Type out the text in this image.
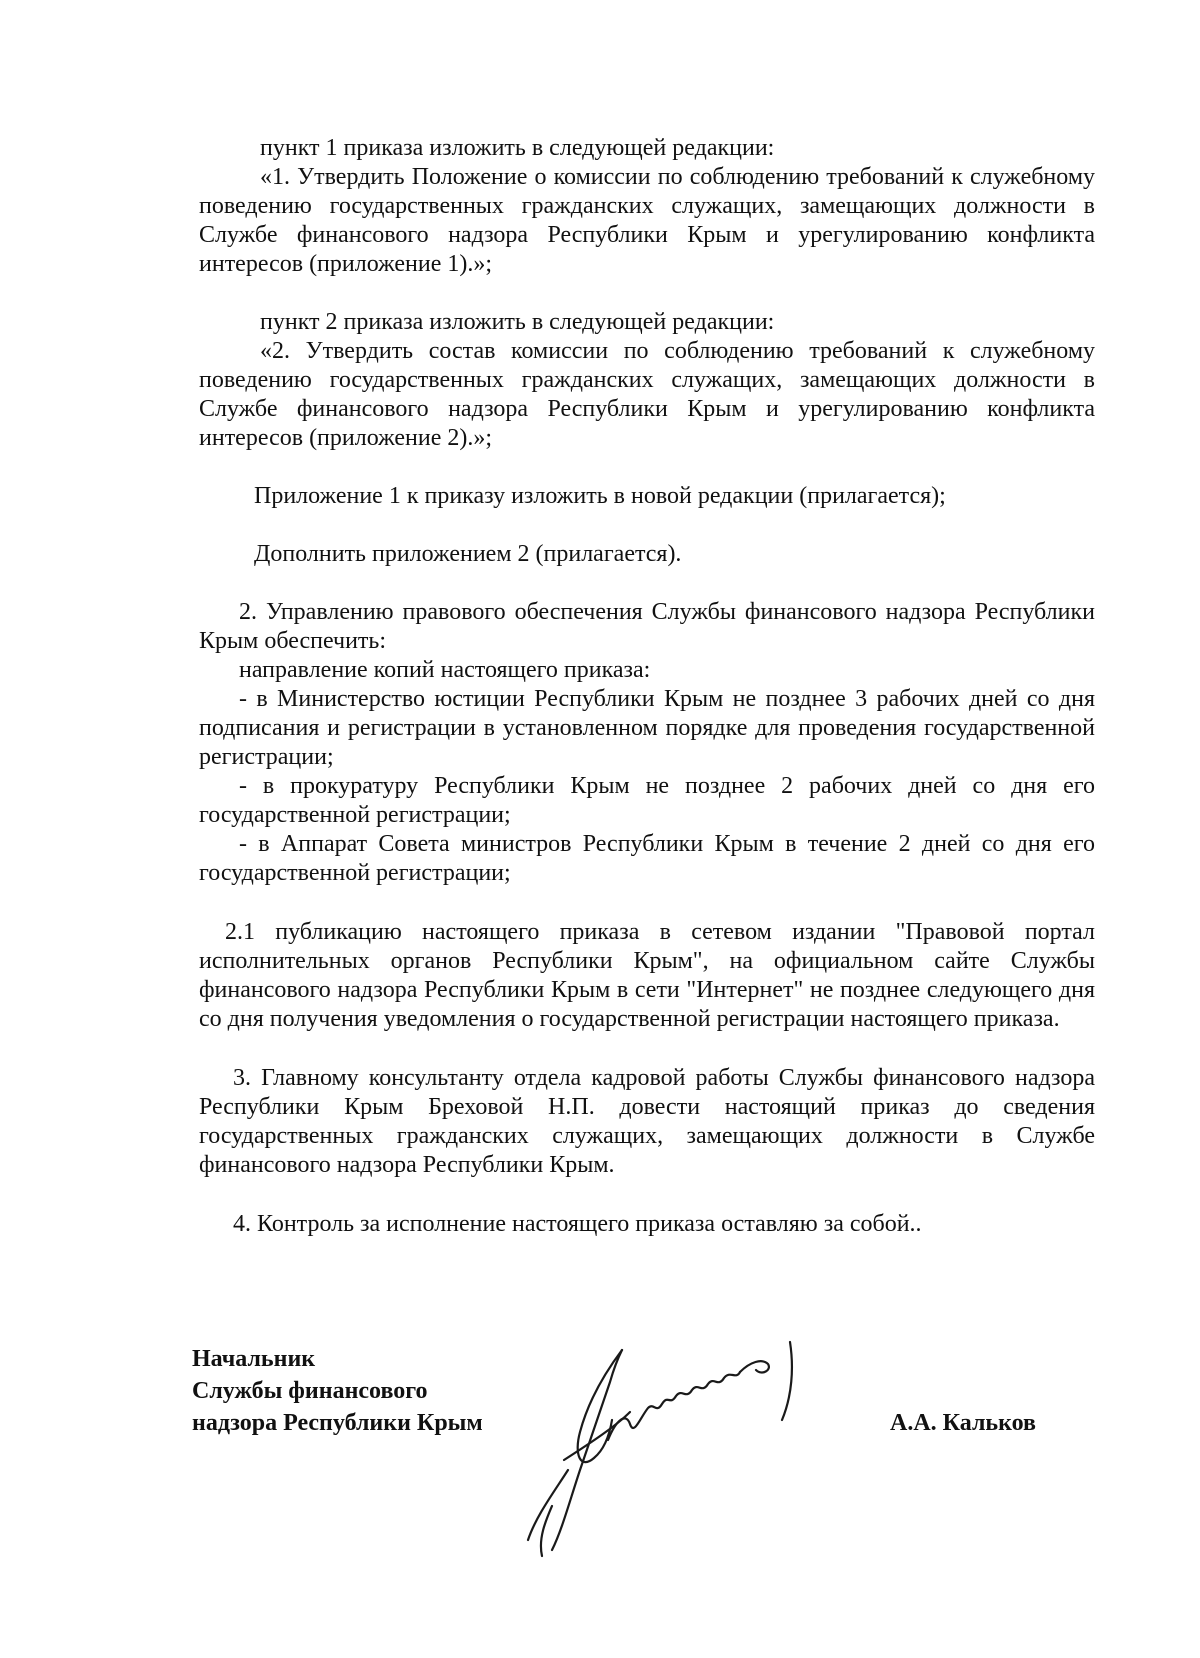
пункт 1 приказа изложить в следующей редакции:

«1. Утвердить Положение о комиссии по соблюдению требований к служебному поведению государственных гражданских служащих, замещающих должности в Службе финансового надзора Республики Крым и урегулированию конфликта интересов (приложение 1).»;

пункт 2 приказа изложить в следующей редакции:

«2. Утвердить состав комиссии по соблюдению требований к служебному поведению государственных гражданских служащих, замещающих должности в Службе финансового надзора Республики Крым и урегулированию конфликта интересов (приложение 2).»;

Приложение 1 к приказу изложить в новой редакции (прилагается);

Дополнить приложением 2 (прилагается).

2. Управлению правового обеспечения Службы финансового надзора Республики Крым обеспечить:

направление копий настоящего приказа:

- в Министерство юстиции Республики Крым не позднее 3 рабочих дней со дня подписания и регистрации в установленном порядке для проведения государственной регистрации;

- в прокуратуру Республики Крым не позднее 2 рабочих дней со дня его государственной регистрации;

- в Аппарат Совета министров Республики Крым в течение 2 дней со дня его государственной регистрации;

2.1 публикацию настоящего приказа в сетевом издании "Правовой портал исполнительных органов Республики Крым", на официальном сайте Службы финансового надзора Республики Крым в сети "Интернет" не позднее следующего дня со дня получения уведомления о государственной регистрации настоящего приказа.

3. Главному консультанту отдела кадровой работы Службы финансового надзора Республики Крым Бреховой Н.П. довести настоящий приказ до сведения государственных гражданских служащих, замещающих должности в Службе финансового надзора Республики Крым.

4. Контроль за исполнение настоящего приказа оставляю за собой..

Начальник
Службы финансового
надзора Республики Крым	А.А. Кальков
